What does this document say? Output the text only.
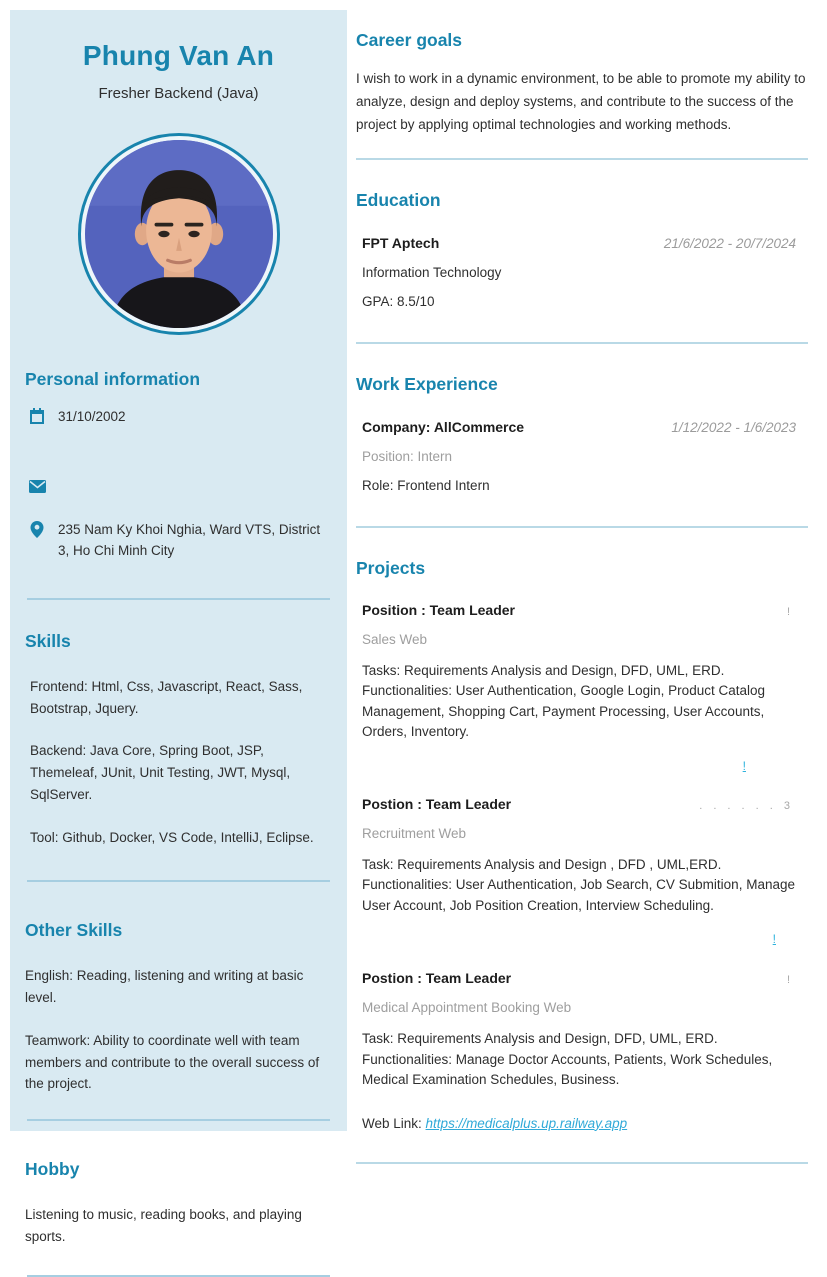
Phung Van An
Fresher Backend (Java)
Personal information
31/10/2002
235 Nam Ky Khoi Nghia, Ward VTS, District 3, Ho Chi Minh City
Skills

Frontend: Html, Css, Javascript, React, Sass, Bootstrap, Jquery.

Backend: Java Core, Spring Boot, JSP, Themeleaf, JUnit, Unit Testing, JWT, Mysql, SqlServer.

Tool: Github, Docker, VS Code, IntelliJ, Eclipse.

Other Skills

English: Reading, listening and writing at basic level.

Teamwork: Ability to coordinate well with team members and contribute to the overall success of the project.

Hobby

Listening to music, reading books, and playing sports.

Career goals

I wish to work in a dynamic environment, to be able to promote my ability to analyze, design and deploy systems, and contribute to the success of the project by applying optimal technologies and working methods.

Education
FPT Aptech	21/6/2022 - 20/7/2024
Information Technology
GPA: 8.5/10
Work Experience
Company: AllCommerce	1/12/2022 - 1/6/2023
Position: Intern
Role: Frontend Intern
Projects
Position : Team Leader	!
Sales Web
Tasks: Requirements Analysis and Design, DFD, UML, ERD.
Functionalities: User Authentication, Google Login, Product Catalog Management, Shopping Cart, Payment Processing, User Accounts, Orders, Inventory.
!
Postion : Team Leader	. . . . . . 3
Recruitment Web
Task: Requirements Analysis and Design , DFD , UML,ERD.
Functionalities: User Authentication, Job Search, CV Submition, Manage User Account, Job Position Creation, Interview Scheduling.
!
Postion : Team Leader	!
Medical Appointment Booking Web
Task: Requirements Analysis and Design, DFD, UML, ERD.
Functionalities: Manage Doctor Accounts, Patients, Work Schedules, Medical Examination Schedules, Business.
Web Link: https://medicalplus.up.railway.app
